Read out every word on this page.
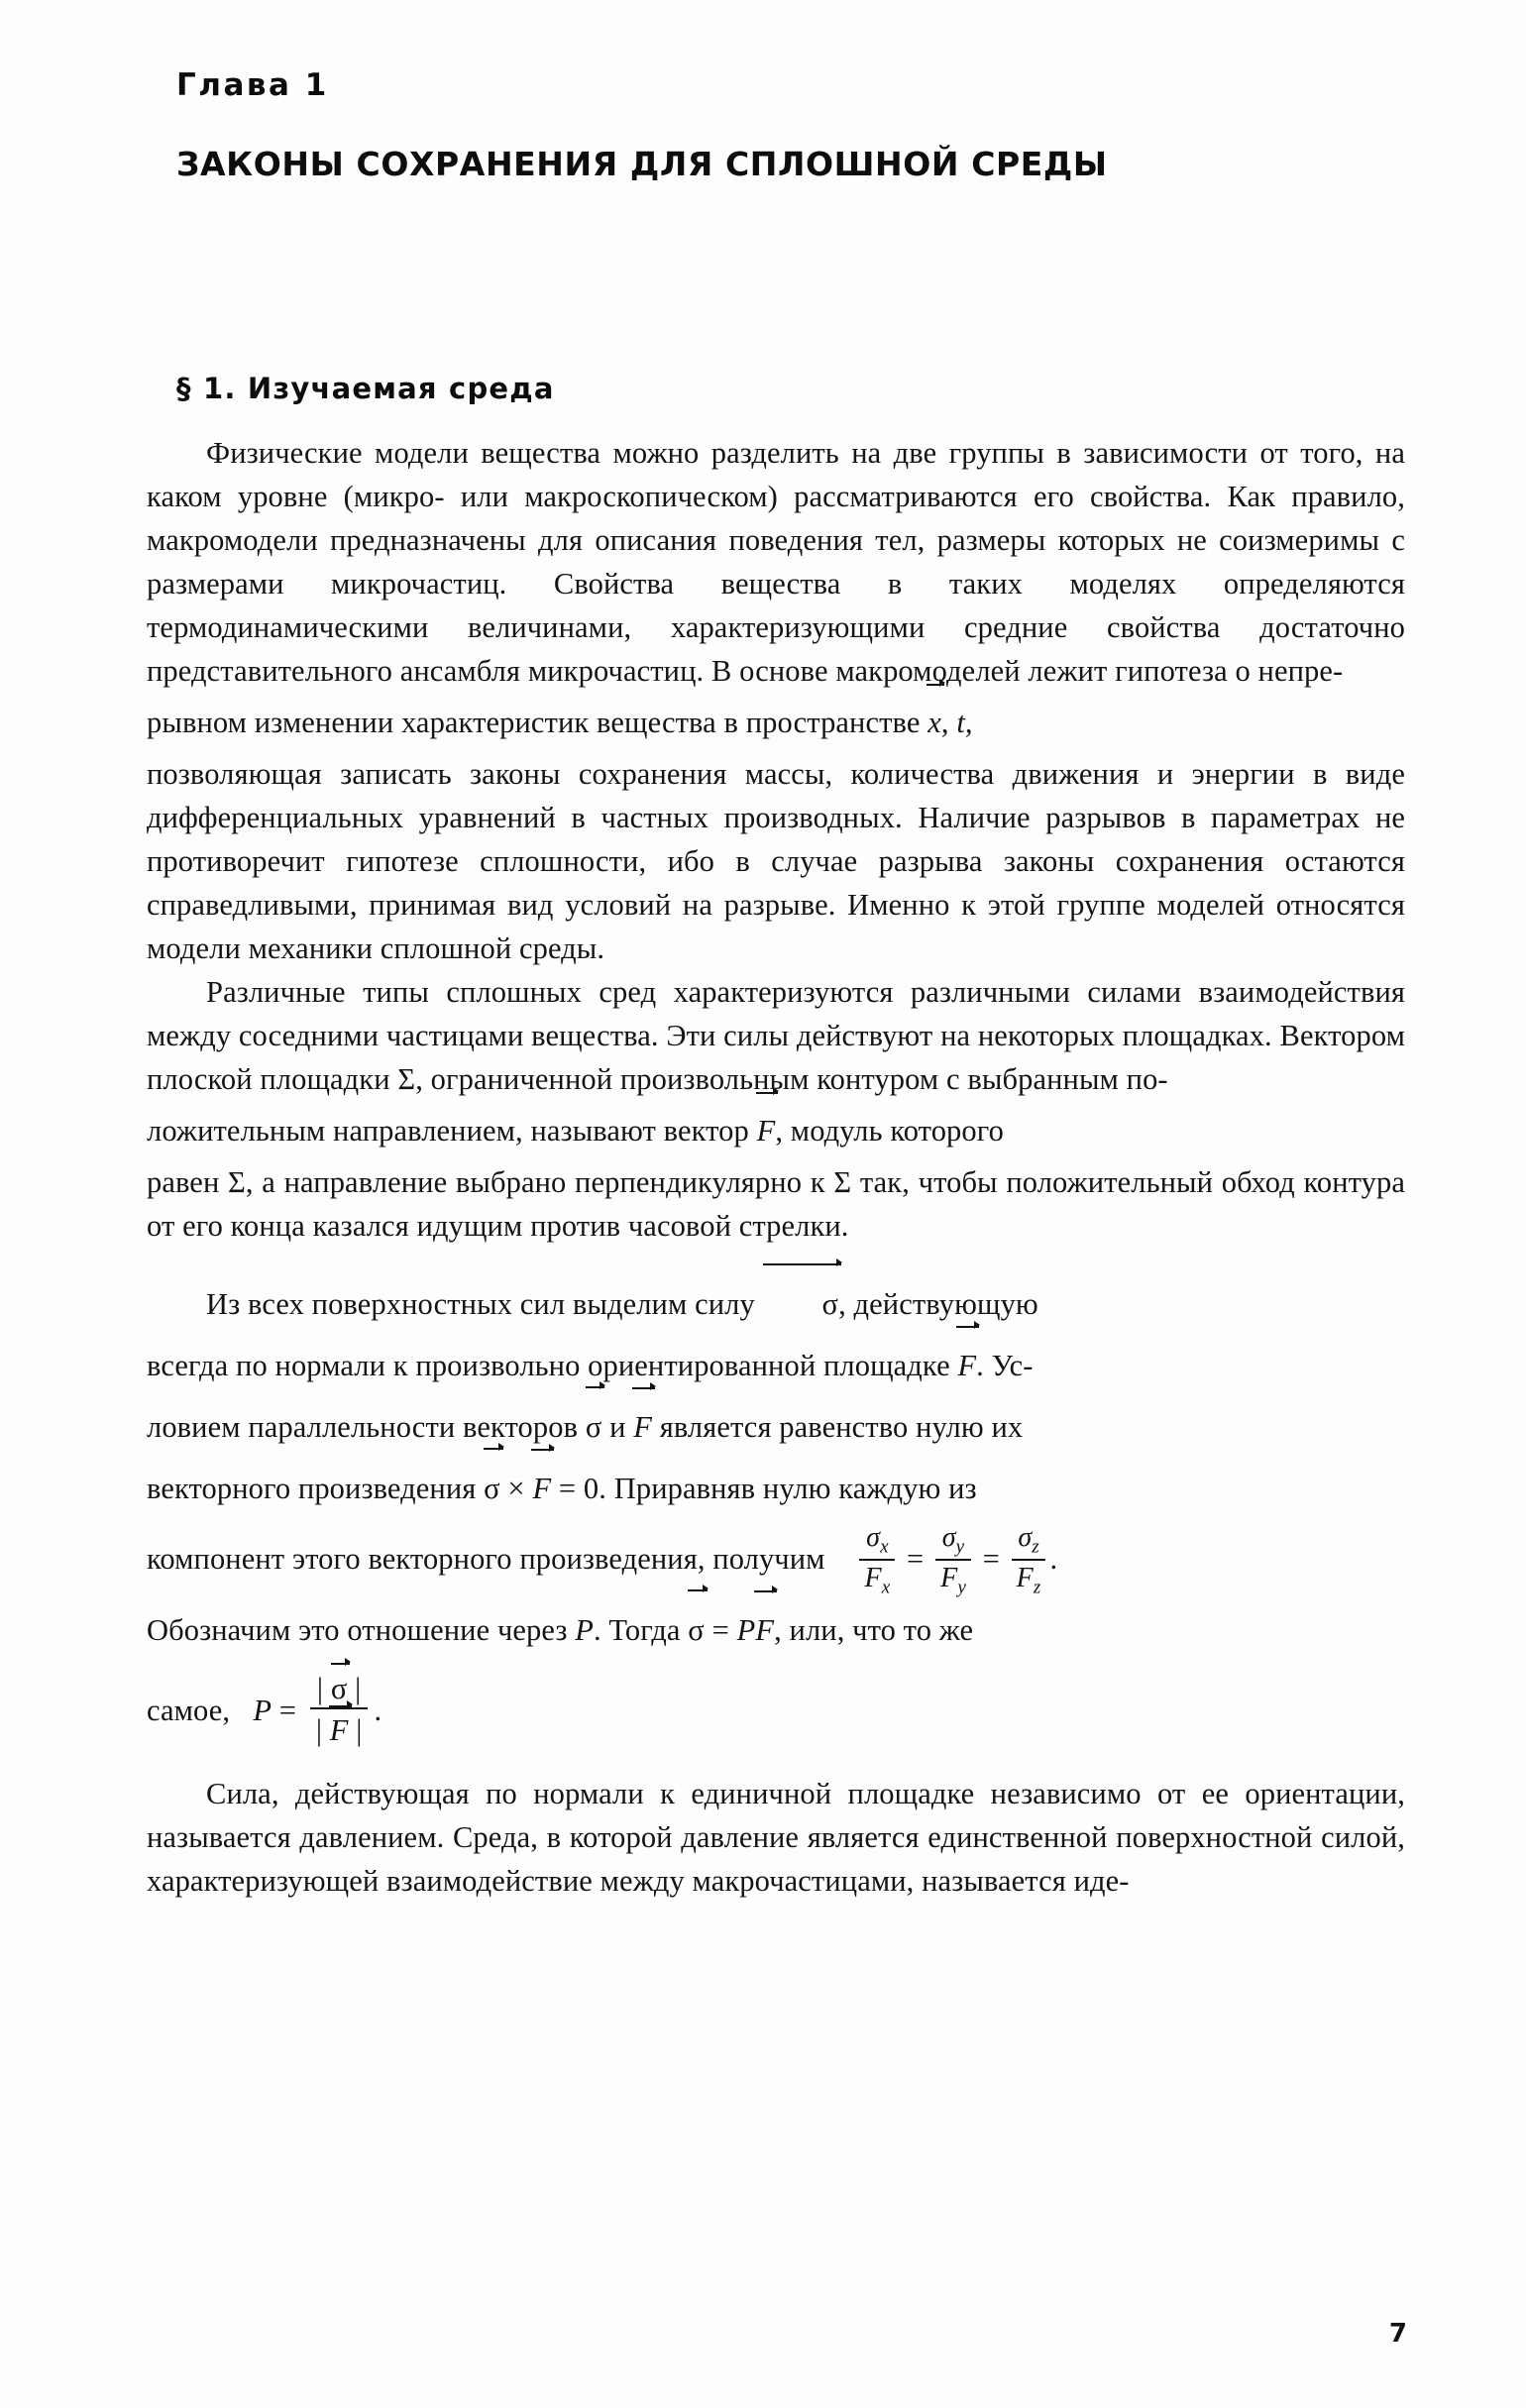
Глава 1
ЗАКОНЫ СОХРАНЕНИЯ ДЛЯ СПЛОШНОЙ СРЕДЫ
§ 1. Изучаемая среда

Физические модели вещества можно разделить на две группы в зависимости от того, на каком уровне (микро- или макроскопическом) рассматриваются его свойства. Как правило, макромодели предназначены для описания поведения тел, размеры которых не соизмеримы с размерами микрочастиц. Свойства вещества в таких моделях определяются термодинамическими величинами, характеризующими средние свойства достаточно представительного ансамбля микрочастиц. В основе макромоделей лежит гипотеза о непре-

рывном изменении характеристик вещества в пространстве x, t,

позволяющая записать законы сохранения массы, количества движения и энергии в виде дифференциальных уравнений в частных производных. Наличие разрывов в параметрах не противоречит гипотезе сплошности, ибо в случае разрыва законы сохранения остаются справедливыми, принимая вид условий на разрыве. Именно к этой группе моделей относятся модели механики сплошной среды.

Различные типы сплошных сред характеризуются различными силами взаимодействия между соседними частицами вещества. Эти силы действуют на некоторых площадках. Вектором плоской площадки Σ, ограниченной произвольным контуром с выбранным по-

ложительным направлением, называют вектор F, модуль которого

равен Σ, а направление выбрано перпендикулярно к Σ так, чтобы положительный обход контура от его конца казался идущим против часовой стрелки.

Из всех поверхностных сил выделим силу σ, действующую

всегда по нормали к произвольно ориентированной площадке F. Ус-

ловием параллельности векторов σ и F является равенство нулю их

векторного произведения σ × F = 0. Приравняв нулю каждую из

компонент этого векторного произведения, получим $\frac{\sigma_x}{F_x} = \frac{\sigma_y}{F_y} = \frac{\sigma_z}{F_z}$ .

Обозначим это отношение через P. Тогда σ = PF, или, что то же

самое,   $P = \frac{| \sigma |}{| F |}$ .

Сила, действующая по нормали к единичной площадке независимо от ее ориентации, называется давлением. Среда, в которой давление является единственной поверхностной силой, характеризующей взаимодействие между макрочастицами, называется иде-

7
